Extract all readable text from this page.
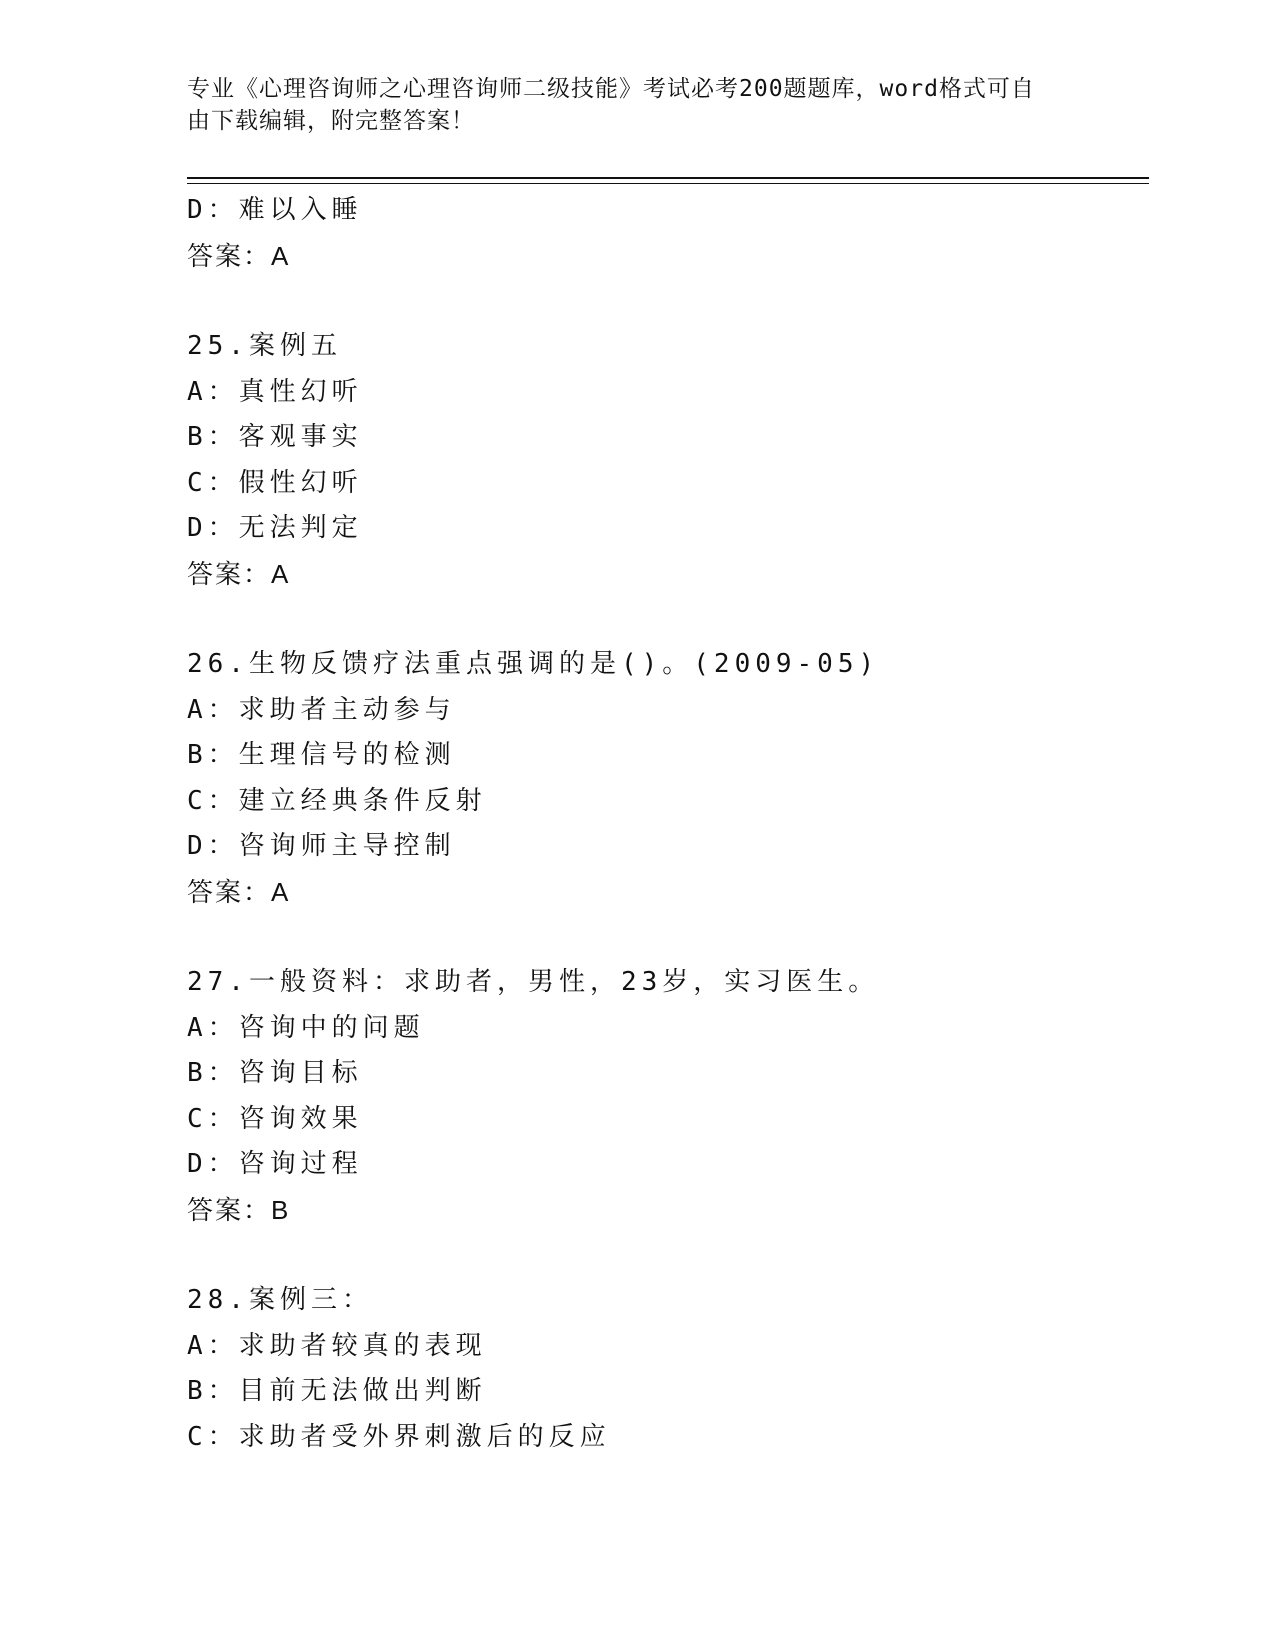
专业《心理咨询师之心理咨询师二级技能》考试必考200题题库，word格式可自
由下载编辑，附完整答案！
D：难以入睡
答案：A
25.案例五
A：真性幻听
B：客观事实
C：假性幻听
D：无法判定
答案：A
26.生物反馈疗法重点强调的是()。(2009-05)
A：求助者主动参与
B：生理信号的检测
C：建立经典条件反射
D：咨询师主导控制
答案：A
27.一般资料：求助者，男性，23岁，实习医生。
A：咨询中的问题
B：咨询目标
C：咨询效果
D：咨询过程
答案：B
28.案例三：
A：求助者较真的表现
B：目前无法做出判断
C：求助者受外界刺激后的反应
